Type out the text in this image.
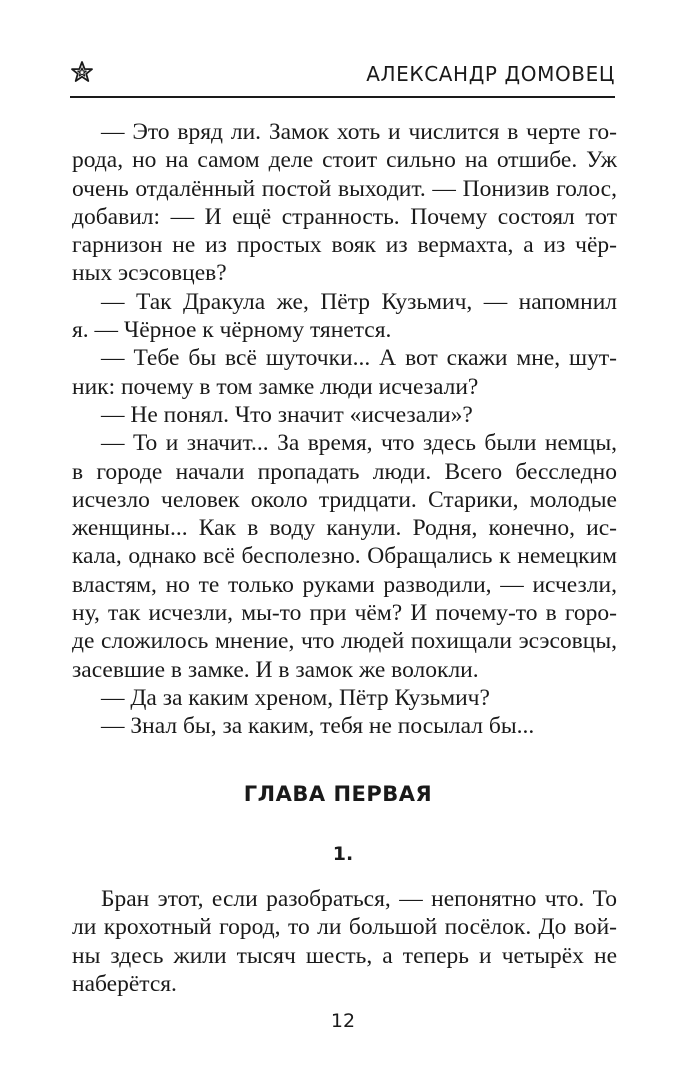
АЛЕКСАНДР ДОМОВЕЦ
— Это вряд ли. Замок хоть и числится в черте го-
рода, но на самом деле стоит сильно на отшибе. Уж
очень отдалённый постой выходит. — Понизив голос,
добавил: — И ещё странность. Почему состоял тот
гарнизон не из простых вояк из вермахта, а из чёр-
ных эсэсовцев?
— Так Дракула же, Пётр Кузьмич, — напомнил
я. — Чёрное к чёрному тянется.
— Тебе бы всё шуточки... А вот скажи мне, шут-
ник: почему в том замке люди исчезали?
— Не понял. Что значит «исчезали»?
— То и значит... За время, что здесь были немцы,
в городе начали пропадать люди. Всего бесследно
исчезло человек около тридцати. Старики, молодые
женщины... Как в воду канули. Родня, конечно, ис-
кала, однако всё бесполезно. Обращались к немецким
властям, но те только руками разводили, — исчезли,
ну, так исчезли, мы-то при чём? И почему-то в горо-
де сложилось мнение, что людей похищали эсэсовцы,
засевшие в замке. И в замок же волокли.
— Да за каким хреном, Пётр Кузьмич?
— Знал бы, за каким, тебя не посылал бы...
ГЛАВА ПЕРВАЯ
1.
Бран этот, если разобраться, — непонятно что. То
ли крохотный город, то ли большой посёлок. До вой-
ны здесь жили тысяч шесть, а теперь и четырёх не
наберётся.
12
